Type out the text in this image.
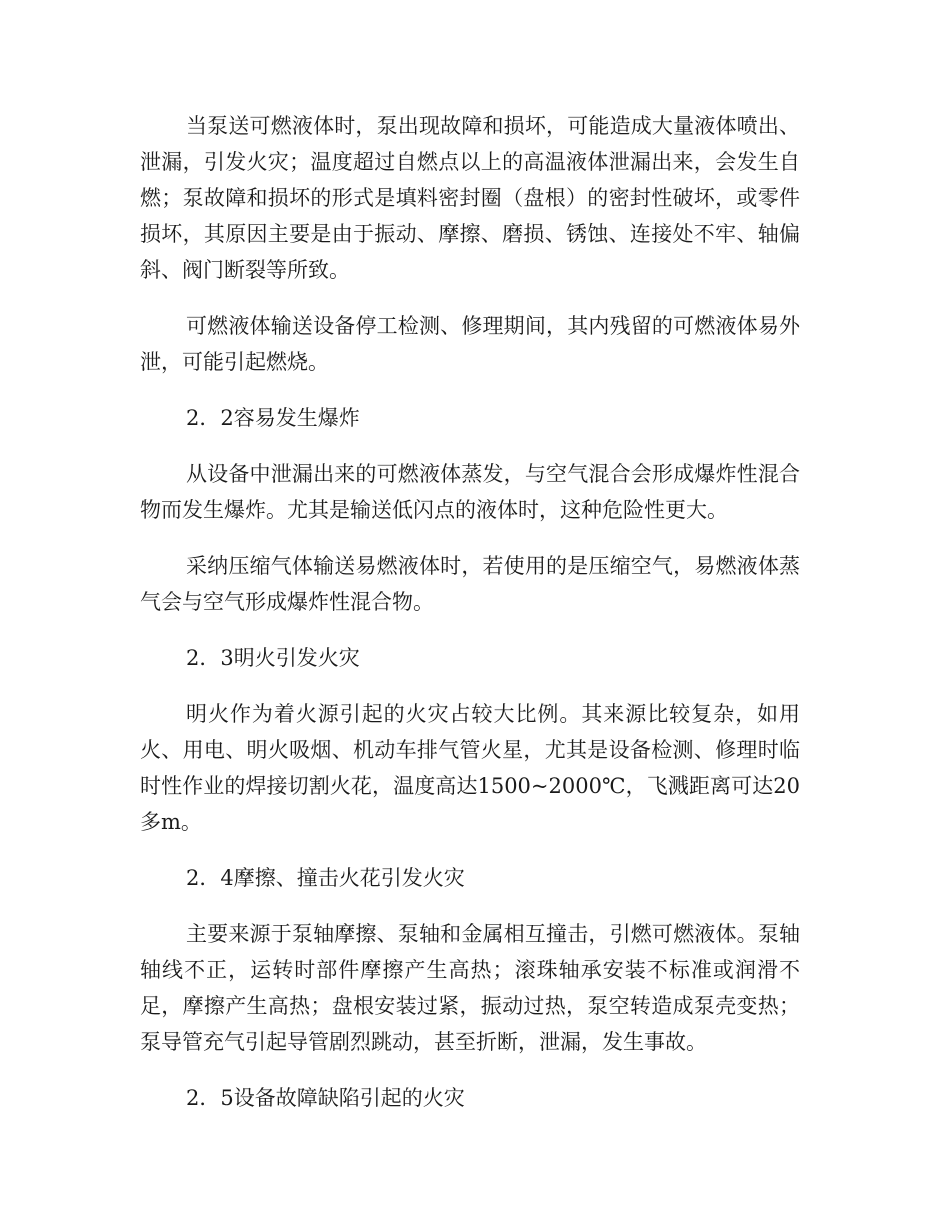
当泵送可燃液体时，泵出现故障和损坏，可能造成大量液体喷出、泄漏，引发火灾；温度超过自燃点以上的高温液体泄漏出来，会发生自燃；泵故障和损坏的形式是填料密封圈（盘根）的密封性破坏，或零件损坏，其原因主要是由于振动、摩擦、磨损、锈蚀、连接处不牢、轴偏斜、阀门断裂等所致。

可燃液体输送设备停工检测、修理期间，其内残留的可燃液体易外泄，可能引起燃烧。

2．2容易发生爆炸

从设备中泄漏出来的可燃液体蒸发，与空气混合会形成爆炸性混合物而发生爆炸。尤其是输送低闪点的液体时，这种危险性更大。

采纳压缩气体输送易燃液体时，若使用的是压缩空气，易燃液体蒸气会与空气形成爆炸性混合物。

2．3明火引发火灾

明火作为着火源引起的火灾占较大比例。其来源比较复杂，如用火、用电、明火吸烟、机动车排气管火星，尤其是设备检测、修理时临时性作业的焊接切割火花，温度高达1500~2000℃，飞溅距离可达20多m。

2．4摩擦、撞击火花引发火灾

主要来源于泵轴摩擦、泵轴和金属相互撞击，引燃可燃液体。泵轴轴线不正，运转时部件摩擦产生高热；滚珠轴承安装不标准或润滑不足，摩擦产生高热；盘根安装过紧，振动过热，泵空转造成泵壳变热；泵导管充气引起导管剧烈跳动，甚至折断，泄漏，发生事故。

2．5设备故障缺陷引起的火灾
